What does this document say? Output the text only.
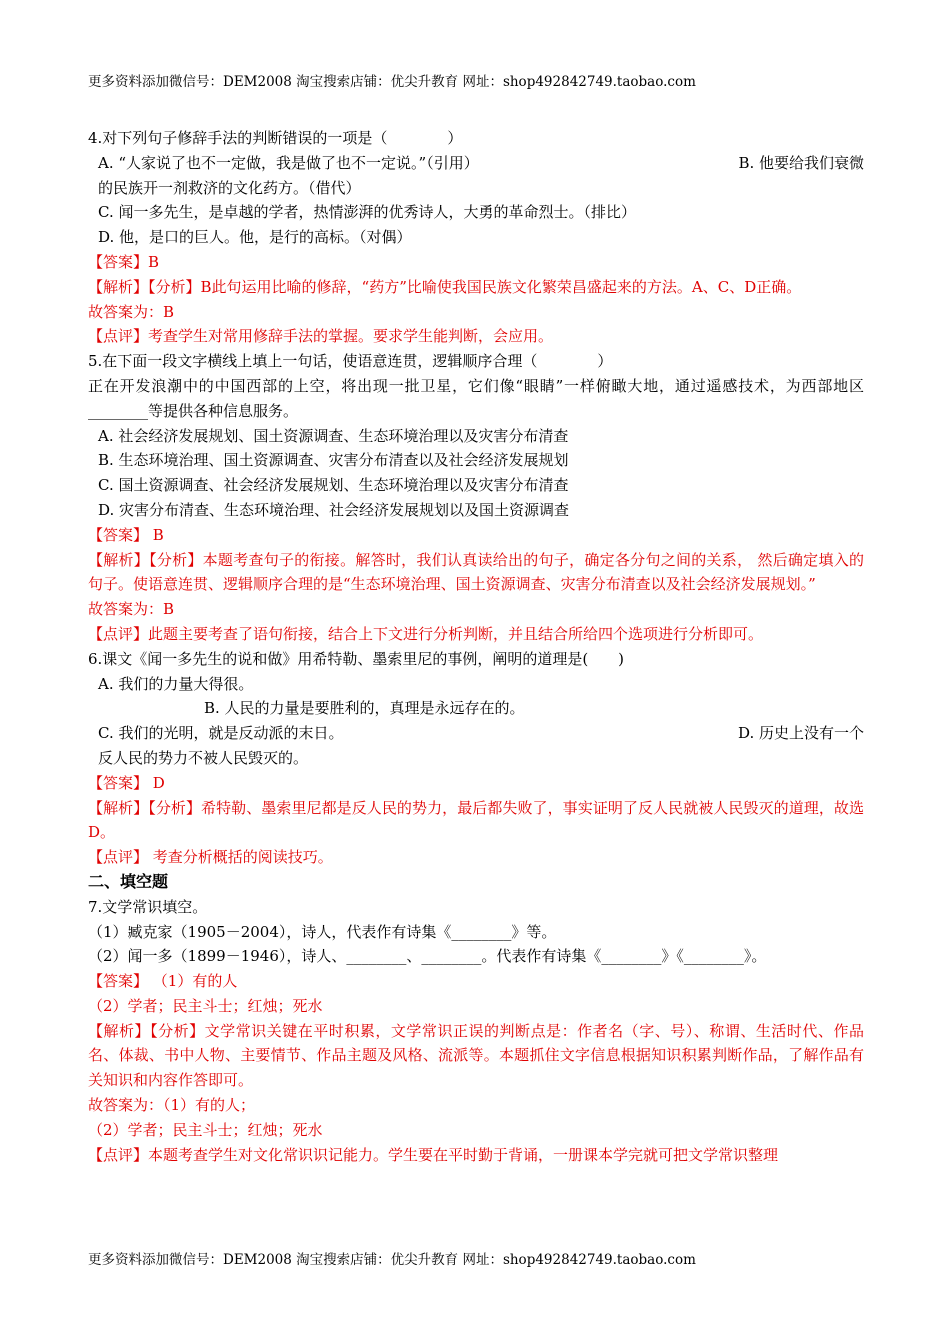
更多资料添加微信号：DEM2008 淘宝搜索店铺：优尖升教育 网址：shop492842749.taobao.com
4.对下列句子修辞手法的判断错误的一项是（　　　　）
A. “人家说了也不一定做，我是做了也不一定说。”（引用）	B. 他要给我们衰微
的民族开一剂救济的文化药方。（借代）
C. 闻一多先生，是卓越的学者，热情澎湃的优秀诗人，大勇的革命烈士。（排比）
D. 他，是口的巨人。他，是行的高标。（对偶）
【答案】B
【解析】【分析】B此句运用比喻的修辞，“药方”比喻使我国民族文化繁荣昌盛起来的方法。A、C、D正确。
故答案为：B
【点评】考查学生对常用修辞手法的掌握。要求学生能判断，会应用。
5.在下面一段文字横线上填上一句话，使语意连贯，逻辑顺序合理（　　　　）
正在开发浪潮中的中国西部的上空，将出现一批卫星，它们像“眼睛”一样俯瞰大地，通过遥感技术，为西部地区________等提供各种信息服务。
A. 社会经济发展规划、国土资源调查、生态环境治理以及灾害分布清查
B. 生态环境治理、国土资源调查、灾害分布清查以及社会经济发展规划
C. 国土资源调查、社会经济发展规划、生态环境治理以及灾害分布清查
D. 灾害分布清查、生态环境治理、社会经济发展规划以及国土资源调查
【答案】 B
【解析】【分析】本题考查句子的衔接。解答时，我们认真读给出的句子，确定各分句之间的关系， 然后确定填入的句子。使语意连贯、逻辑顺序合理的是“生态环境治理、国土资源调查、灾害分布清查以及社会经济发展规划。”
故答案为：B
【点评】此题主要考查了语句衔接，结合上下文进行分析判断，并且结合所给四个选项进行分析即可。
6.课文《闻一多先生的说和做》用希特勒、墨索里尼的事例，阐明的道理是(　　)
A. 我们的力量大得很。
B. 人民的力量是要胜利的，真理是永远存在的。
C. 我们的光明，就是反动派的末日。	D. 历史上没有一个
反人民的势力不被人民毁灭的。
【答案】 D
【解析】【分析】希特勒、墨索里尼都是反人民的势力，最后都失败了，事实证明了反人民就被人民毁灭的道理，故选D。
【点评】 考查分析概括的阅读技巧。
二、填空题
7.文学常识填空。
（1）臧克家（1905－2004），诗人，代表作有诗集《________》等。
（2）闻一多（1899－1946），诗人、________、________。代表作有诗集《________》《________》。
【答案】 （1）有的人
（2）学者；民主斗士；红烛；死水
【解析】【分析】文学常识关键在平时积累，文学常识正误的判断点是：作者名（字、号）、称谓、生活时代、作品名、体裁、书中人物、主要情节、作品主题及风格、流派等。本题抓住文字信息根据知识积累判断作品，了解作品有关知识和内容作答即可。
故答案为：（1）有的人；
（2）学者；民主斗士；红烛；死水
【点评】本题考查学生对文化常识识记能力。学生要在平时勤于背诵，一册课本学完就可把文学常识整理
更多资料添加微信号：DEM2008 淘宝搜索店铺：优尖升教育 网址：shop492842749.taobao.com
